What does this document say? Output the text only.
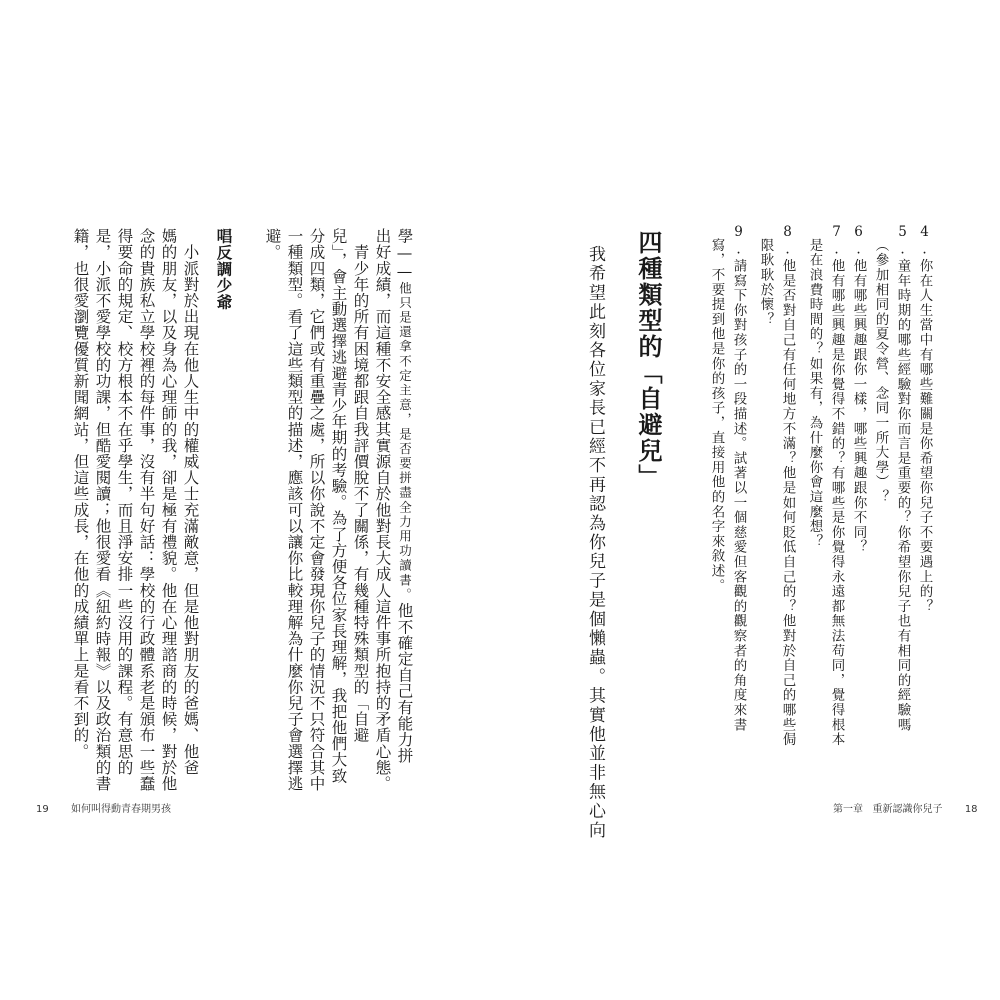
4.你在人生當中有哪些難關是你希望你兒子不要遇上的？
5.童年時期的哪些經驗對你而言是重要的？你希望你兒子也有相同的經驗嗎
（參加相同的夏令營、念同一所大學）？
6.他有哪些興趣跟你一樣，哪些興趣跟你不同？
7.他有哪些興趣是你覺得不錯的？有哪些是你覺得永遠都無法苟同，覺得根本
是在浪費時間的？如果有，為什麼你會這麼想？
8.他是否對自己有任何地方不滿？他是如何貶低自己的？他對於自己的哪些侷
限耿耿於懷？
9.請寫下你對孩子的一段描述。試著以一個慈愛但客觀的觀察者的角度來書
寫，不要提到他是你的孩子，直接用他的名字來敘述。
四種類型的「自避兒」
我希望此刻各位家長已經不再認為你兒子是個懶蟲。其實他並非無心向	第一章 重新認識你兒子 18
學——他只是還拿不定主意，是否要拼盡全力用功讀書。他不確定自己有能力拼
出好成績，而這種不安全感其實源自於他對長大成人這件事所抱持的矛盾心態。
　青少年的所有困境都跟自我評價脫不了關係，有幾種特殊類型的「自避
兒」，會主動選擇逃避青少年期的考驗。為了方便各位家長理解，我把他們大致
分成四類，它們或有重疊之處，所以你說不定會發現你兒子的情況不只符合其中
一種類型。看了這些類型的描述，應該可以讓你比較理解為什麼你兒子會選擇逃
避。
唱反調少爺
　小派對於出現在他人生中的權威人士充滿敵意，但是他對朋友的爸媽、他爸
媽的朋友，以及身為心理師的我，卻是極有禮貌。他在心理諮商的時候，對於他
念的貴族私立學校裡的每件事，沒有半句好話：學校的行政體系老是頒布一些蠢
得要命的規定、校方根本不在乎學生，而且淨安排一些沒用的課程。有意思的
是，小派不愛學校的功課，但酷愛閱讀；他很愛看《紐約時報》以及政治類的書
籍，也很愛瀏覽優質新聞網站，但這些成長，在他的成績單上是看不到的。
19 如何叫得動青春期男孩
